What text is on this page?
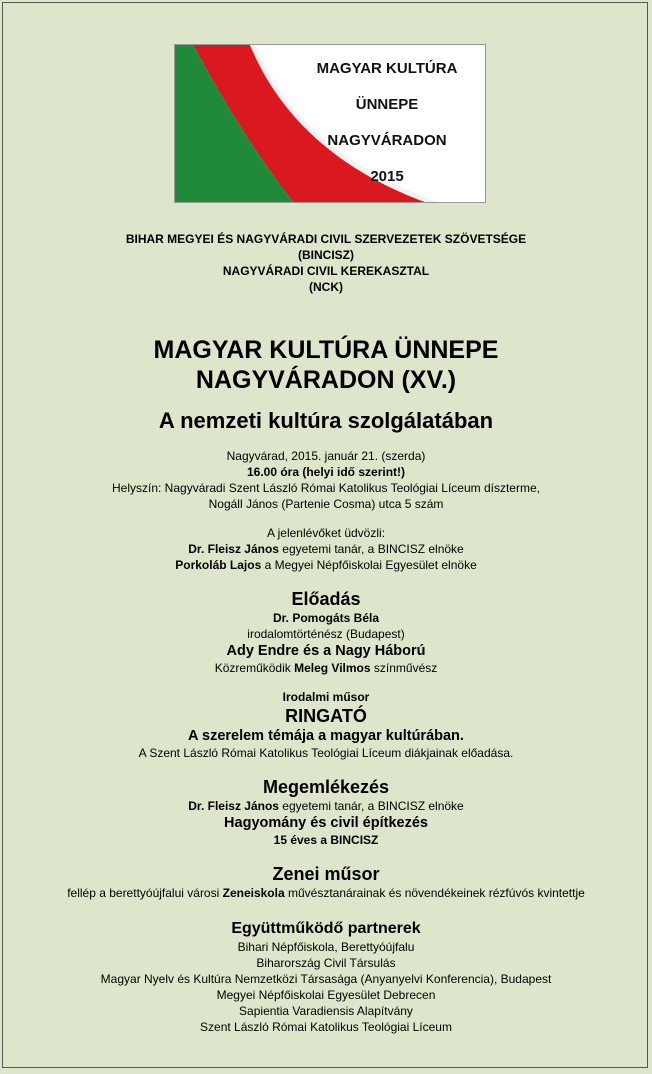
MAGYAR KULTÚRA
ÜNNEPE
NAGYVÁRADON
2015
BIHAR MEGYEI ÉS NAGYVÁRADI CIVIL SZERVEZETEK SZÖVETSÉGE
(BINCISZ)
NAGYVÁRADI CIVIL KEREKASZTAL
(NCK)
MAGYAR KULTÚRA ÜNNEPE
NAGYVÁRADON (XV.)
A nemzeti kultúra szolgálatában
Nagyvárad, 2015. január 21. (szerda)
16.00 óra (helyi idő szerint!)
Helyszín: Nagyváradi Szent László Római Katolikus Teológiai Líceum díszterme,
Nogáll János (Partenie Cosma) utca 5 szám
A jelenlévőket üdvözli:
Dr. Fleisz János egyetemi tanár, a BINCISZ elnöke
Porkoláb Lajos a Megyei Népfőiskolai Egyesület elnöke
Előadás
Dr. Pomogáts Béla
irodalomtörténész (Budapest)
Ady Endre és a Nagy Háború
Közreműködik Meleg Vilmos színművész
Irodalmi műsor
RINGATÓ
A szerelem témája a magyar kultúrában.
A Szent László Római Katolikus Teológiai Líceum diákjainak előadása.
Megemlékezés
Dr. Fleisz János egyetemi tanár, a BINCISZ elnöke
Hagyomány és civil építkezés
15 éves a BINCISZ
Zenei műsor
fellép a berettyóújfalui városi Zeneiskola művésztanárainak és növendékeinek rézfúvós kvintettje
Együttműködő partnerek
Bihari Népfőiskola, Berettyóújfalu
Biharország Civil Társulás
Magyar Nyelv és Kultúra Nemzetközi Társasága (Anyanyelvi Konferencia), Budapest
Megyei Népfőiskolai Egyesület Debrecen
Sapientia Varadiensis Alapítvány
Szent László Római Katolikus Teológiai Líceum
